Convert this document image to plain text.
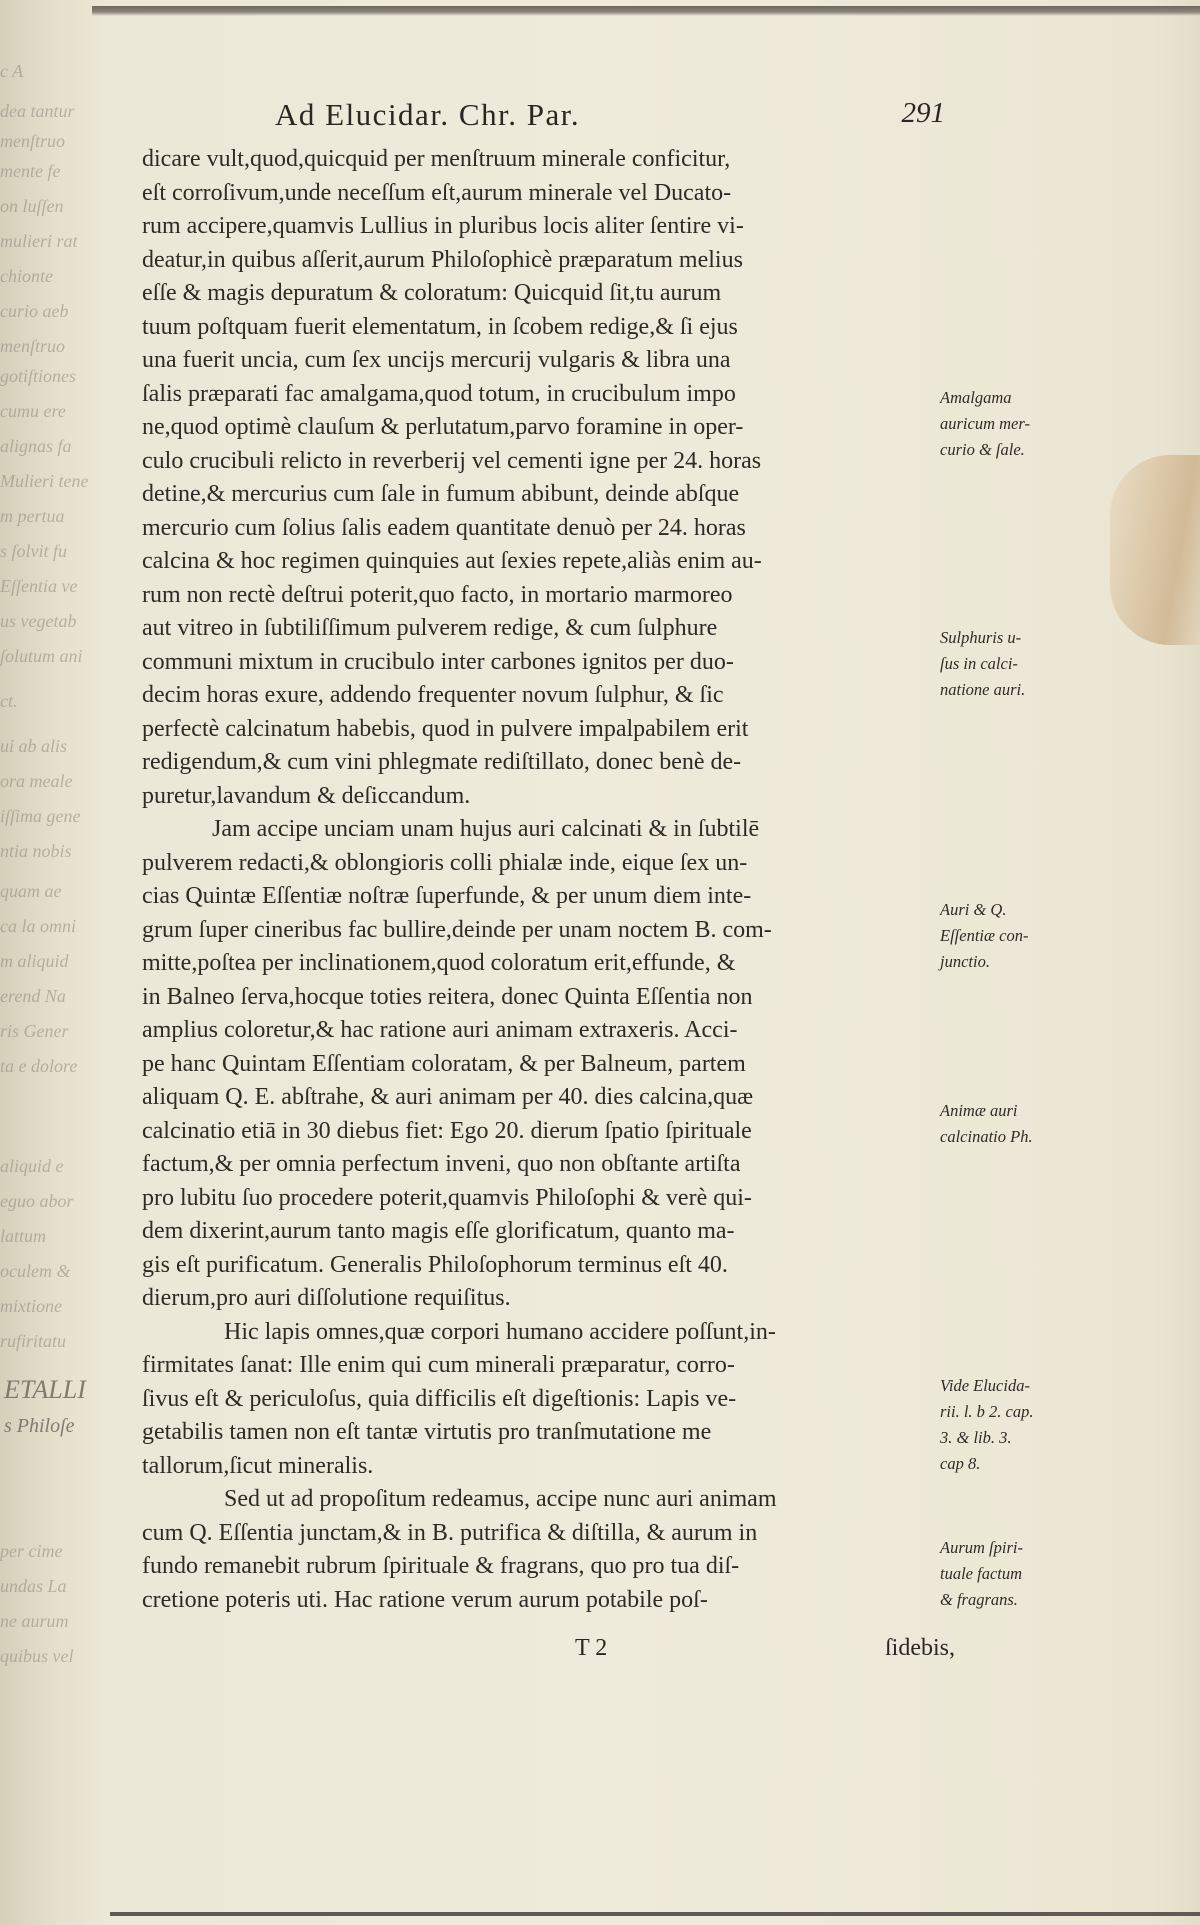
c A
dea tantur
menſtruo
mente fe
on luſſen
mulieri rat
chionte
curio aeb
menſtruo
gotiſtiones
cumu ere
alignas fa
Mulieri tene
m pertua
s ſolvit fu
Eſſentia ve
us vegetab
ſolutum ani
ct.
ui ab alis
ora meale
iſſima gene
ntia nobis
quam ae
ca la omni
m aliquid
erend Na
ris Gener
ta e dolore
aliquid e
eguo abor
lattum
oculem &
mixtione
rufiritatu
ETALLI
s Philoſe
per cime
undas La
ne aurum
quibus vel
Ad Elucidar. Chr. Par.	291
dicare vult,quod,quicquid per menſtruum minerale conficitur,
eſt corroſivum,unde neceſſum eſt,aurum minerale vel Ducato-
rum accipere,quamvis Lullius in pluribus locis aliter ſentire vi-
deatur,in quibus aſſerit,aurum Philoſophicè præparatum melius
eſſe & magis depuratum & coloratum: Quicquid ſit,tu aurum
tuum poſtquam fuerit elementatum, in ſcobem redige,& ſi ejus
una fuerit uncia, cum ſex uncijs mercurij vulgaris & libra una
ſalis præparati fac amalgama,quod totum, in crucibulum impo
ne,quod optimè clauſum & perlutatum,parvo foramine in oper-
culo crucibuli relicto in reverberij vel cementi igne per 24. horas
detine,& mercurius cum ſale in fumum abibunt, deinde abſque
mercurio cum ſolius ſalis eadem quantitate denuò per 24. horas
calcina & hoc regimen quinquies aut ſexies repete,aliàs enim au-
rum non rectè deſtrui poterit,quo facto, in mortario marmoreo
aut vitreo in ſubtiliſſimum pulverem redige, & cum ſulphure
communi mixtum in crucibulo inter carbones ignitos per duo-
decim horas exure, addendo frequenter novum ſulphur, & ſic
perfectè calcinatum habebis, quod in pulvere impalpabilem erit
redigendum,& cum vini phlegmate rediſtillato, donec benè de-
puretur,lavandum & deſiccandum.
Jam accipe unciam unam hujus auri calcinati & in ſubtilē
pulverem redacti,& oblongioris colli phialæ inde, eique ſex un-
cias Quintæ Eſſentiæ noſtræ ſuperfunde, & per unum diem inte-
grum ſuper cineribus fac bullire,deinde per unam noctem B. com-
mitte,poſtea per inclinationem,quod coloratum erit,effunde, &
in Balneo ſerva,hocque toties reitera, donec Quinta Eſſentia non
amplius coloretur,& hac ratione auri animam extraxeris. Acci-
pe hanc Quintam Eſſentiam coloratam, & per Balneum, partem
aliquam Q. E. abſtrahe, & auri animam per 40. dies calcina,quæ
calcinatio etiā in 30 diebus fiet: Ego 20. dierum ſpatio ſpirituale
factum,& per omnia perfectum inveni, quo non obſtante artiſta
pro lubitu ſuo procedere poterit,quamvis Philoſophi & verè qui-
dem dixerint,aurum tanto magis eſſe glorificatum, quanto ma-
gis eſt purificatum. Generalis Philoſophorum terminus eſt 40.
dierum,pro auri diſſolutione requiſitus.
Hic lapis omnes,quæ corpori humano accidere poſſunt,in-
firmitates ſanat: Ille enim qui cum minerali præparatur, corro-
ſivus eſt & periculoſus, quia difficilis eſt digeſtionis: Lapis ve-
getabilis tamen non eſt tantæ virtutis pro tranſmutatione me
tallorum,ſicut mineralis.
Sed ut ad propoſitum redeamus, accipe nunc auri animam
cum Q. Eſſentia junctam,& in B. putrifica & diſtilla, & aurum in
fundo remanebit rubrum ſpirituale & fragrans, quo pro tua diſ-
cretione poteris uti. Hac ratione verum aurum potabile poſ-
Amalgama
auricum mer-
curio & ſale.
Sulphuris u-
ſus in calci-
natione auri.
Auri & Q.
Eſſentiæ con-
junctio.
Animæ auri
calcinatio Ph.
Vide Elucida-
rii. l. b 2. cap.
3. & lib. 3.
cap 8.
Aurum ſpiri-
tuale factum
& fragrans.
T 2	ſidebis,
